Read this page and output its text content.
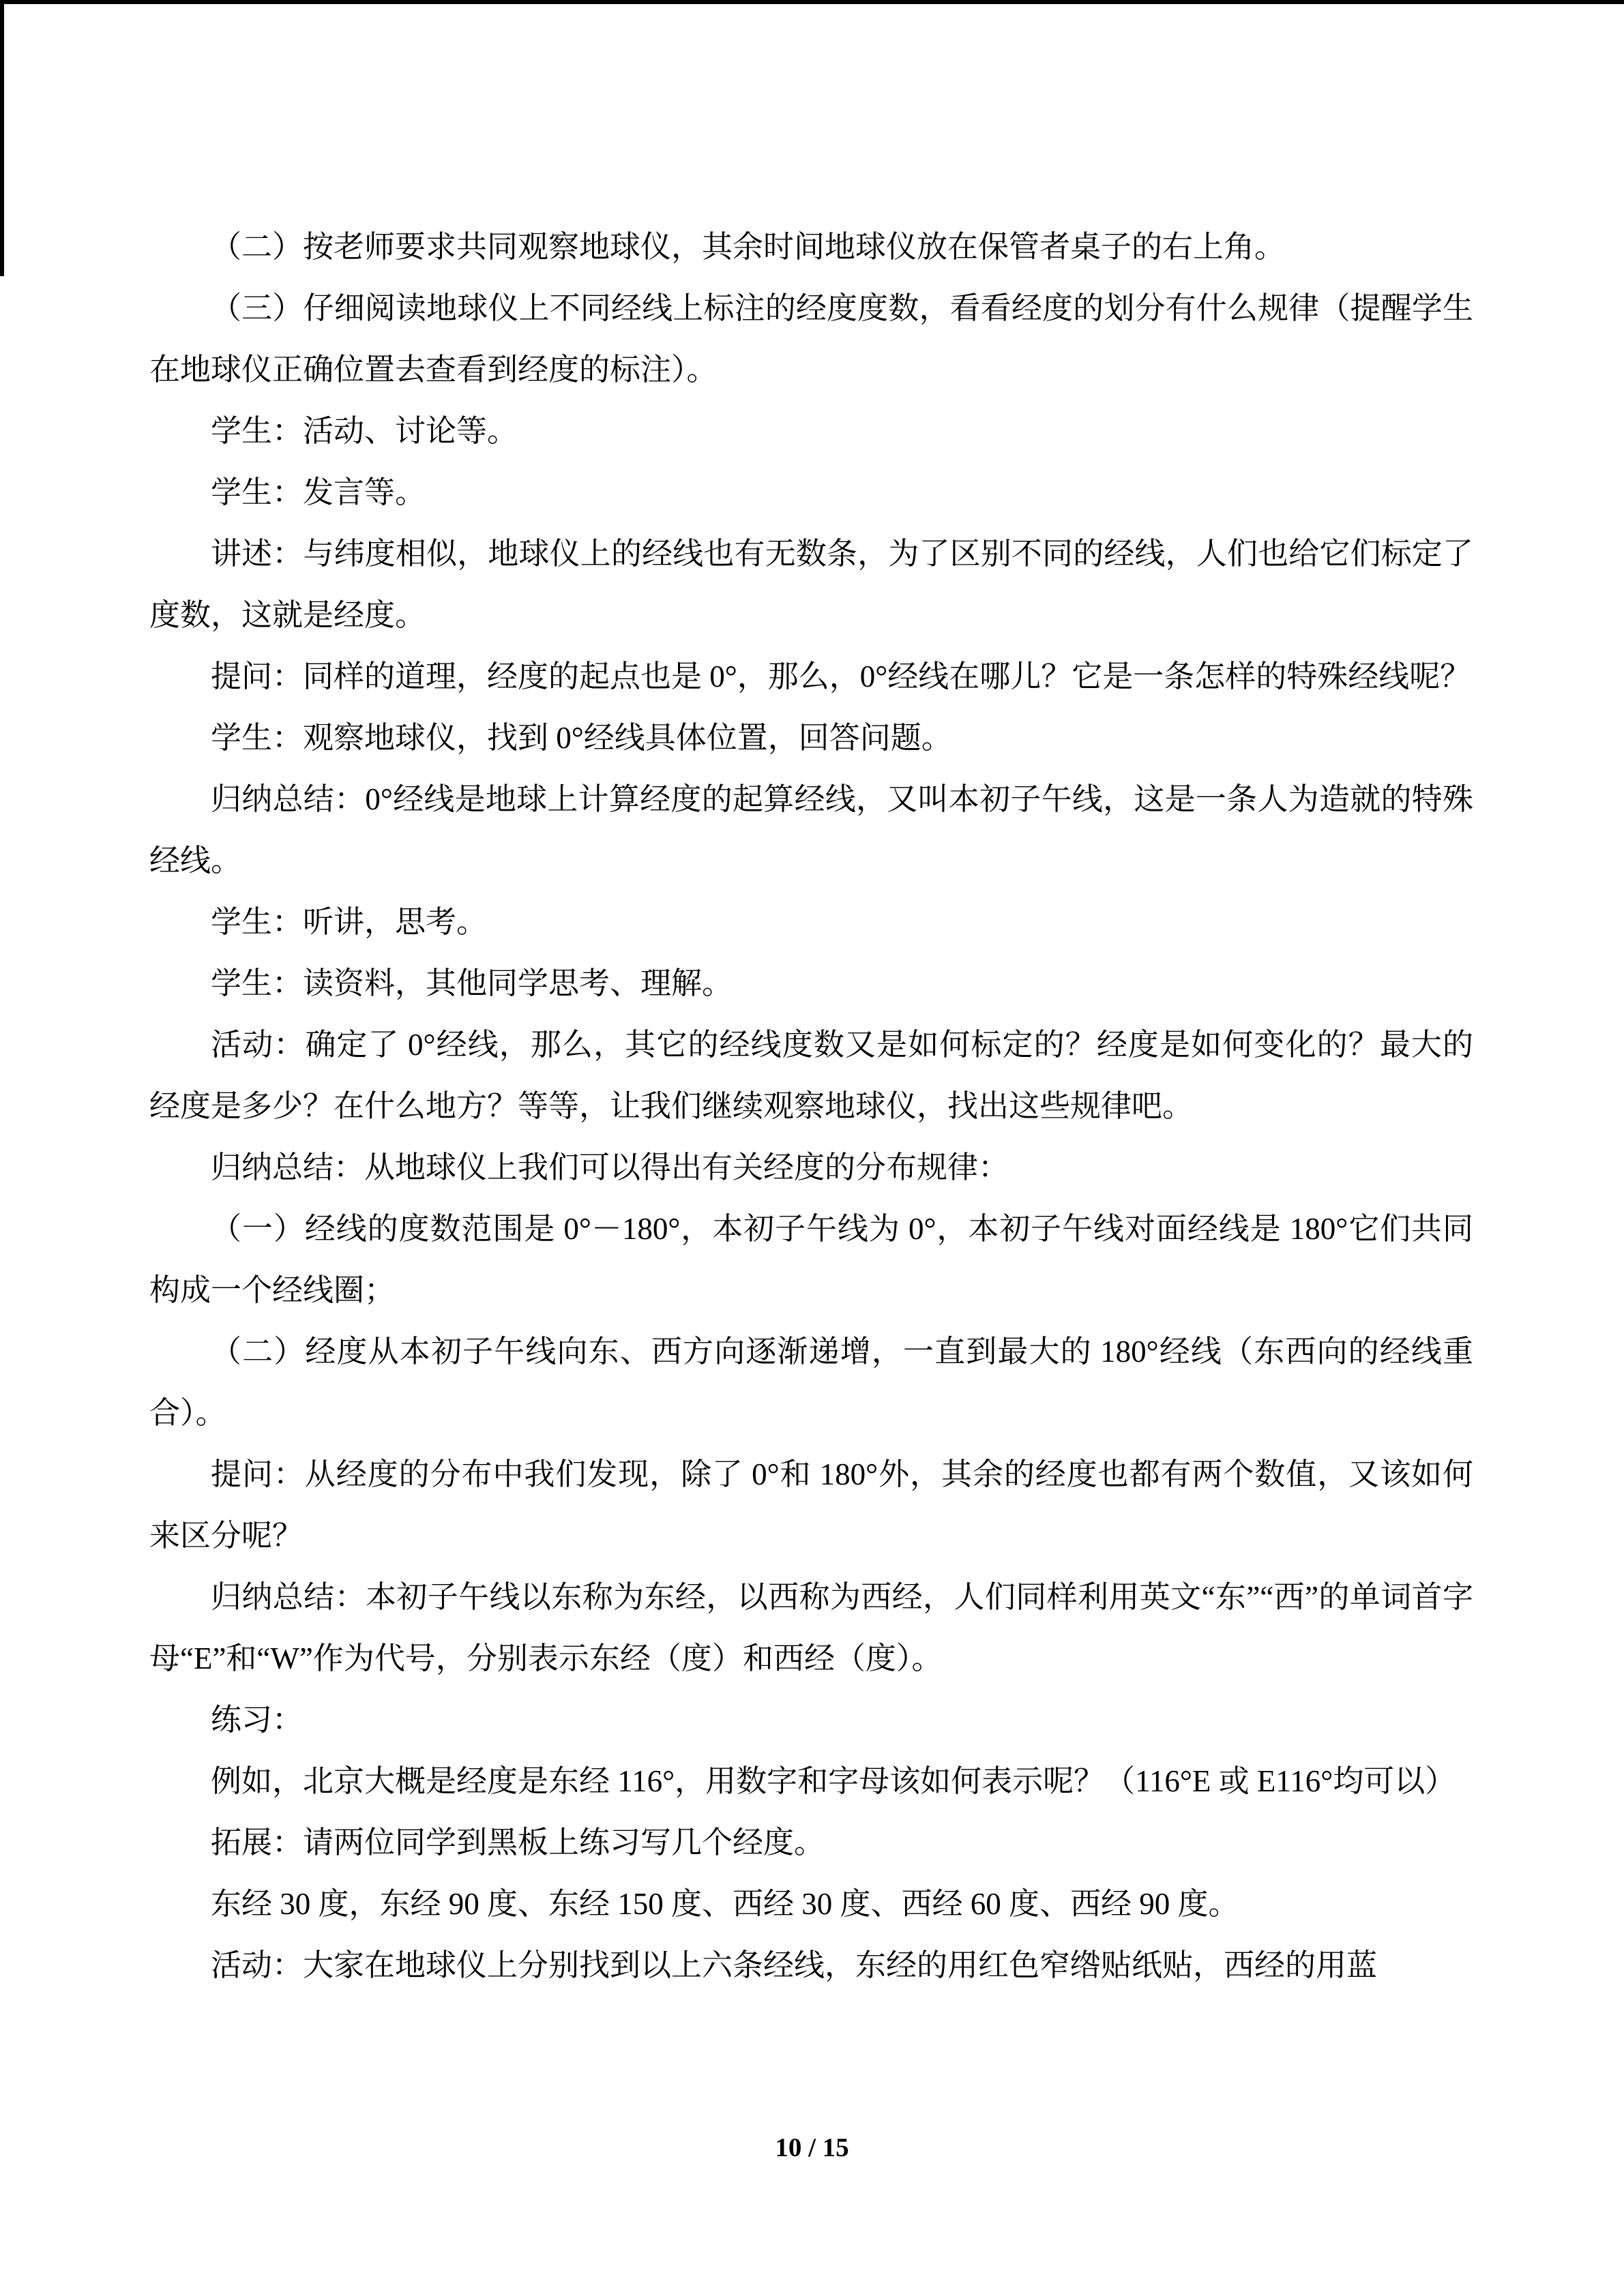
（二）按老师要求共同观察地球仪，其余时间地球仪放在保管者桌子的右上角。

（三）仔细阅读地球仪上不同经线上标注的经度度数，看看经度的划分有什么规律（提醒学生在地球仪正确位置去查看到经度的标注）。

学生：活动、讨论等。

学生：发言等。

讲述：与纬度相似，地球仪上的经线也有无数条，为了区别不同的经线，人们也给它们标定了度数，这就是经度。

提问：同样的道理，经度的起点也是 0°，那么，0°经线在哪儿？它是一条怎样的特殊经线呢？

学生：观察地球仪，找到 0°经线具体位置，回答问题。

归纳总结：0°经线是地球上计算经度的起算经线，又叫本初子午线，这是一条人为造就的特殊经线。

学生：听讲，思考。

学生：读资料，其他同学思考、理解。

活动：确定了 0°经线，那么，其它的经线度数又是如何标定的？经度是如何变化的？最大的经度是多少？在什么地方？等等，让我们继续观察地球仪，找出这些规律吧。

归纳总结：从地球仪上我们可以得出有关经度的分布规律：

（一）经线的度数范围是 0°－180°，本初子午线为 0°，本初子午线对面经线是 180°它们共同构成一个经线圈；

（二）经度从本初子午线向东、西方向逐渐递增，一直到最大的 180°经线（东西向的经线重合）。

提问：从经度的分布中我们发现，除了 0°和 180°外，其余的经度也都有两个数值，又该如何来区分呢？

归纳总结：本初子午线以东称为东经，以西称为西经，人们同样利用英文“东”“西”的单词首字母“E”和“W”作为代号，分别表示东经（度）和西经（度）。

练习：

例如，北京大概是经度是东经 116°，用数字和字母该如何表示呢？（116°E 或 E116°均可以）

拓展：请两位同学到黑板上练习写几个经度。

东经 30 度，东经 90 度、东经 150 度、西经 30 度、西经 60 度、西经 90 度。

活动：大家在地球仪上分别找到以上六条经线，东经的用红色窄绺贴纸贴，西经的用蓝

10 / 15
